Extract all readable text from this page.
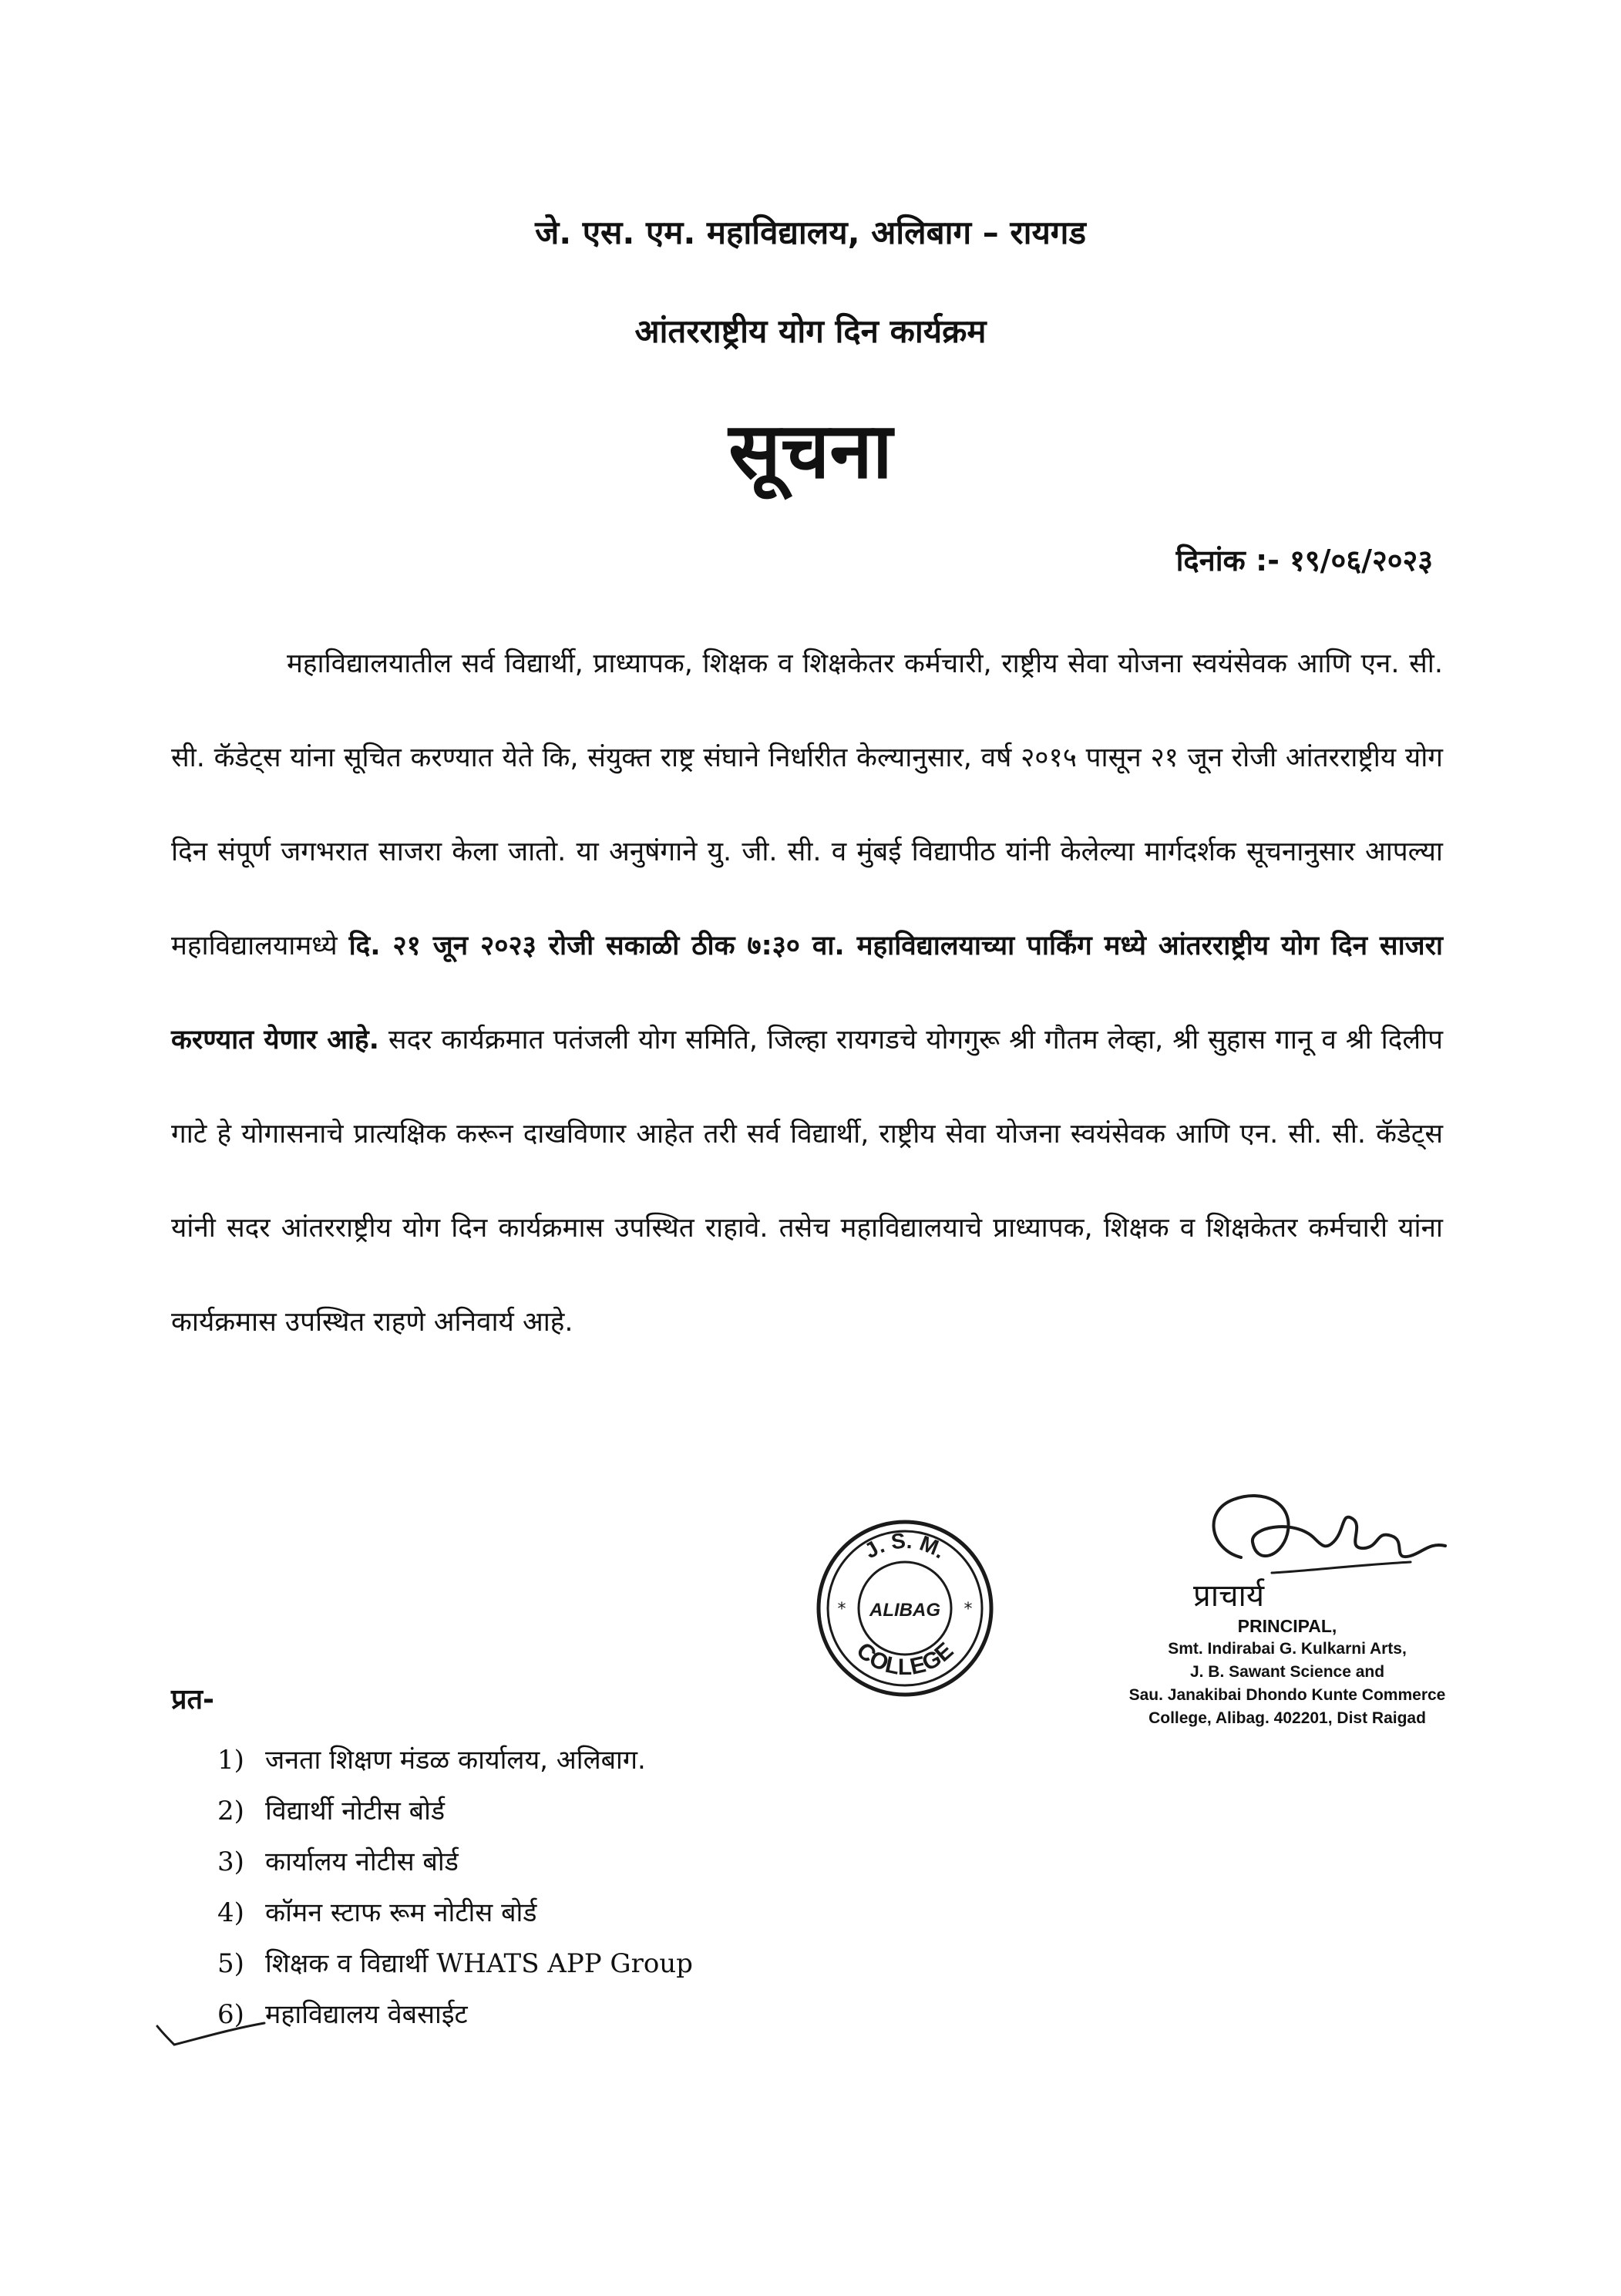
जे. एस. एम. महाविद्यालय, अलिबाग – रायगड
आंतरराष्ट्रीय योग दिन कार्यक्रम
सूचना
दिनांक :- १९/०६/२०२३

महाविद्यालयातील सर्व विद्यार्थी, प्राध्यापक, शिक्षक व शिक्षकेतर कर्मचारी, राष्ट्रीय सेवा योजना स्वयंसेवक आणि एन. सी. सी. कॅडेट्स यांना सूचित करण्यात येते कि, संयुक्त राष्ट्र संघाने निर्धारीत केल्यानुसार, वर्ष २०१५ पासून २१ जून रोजी आंतरराष्ट्रीय योग दिन संपूर्ण जगभरात साजरा केला जातो. या अनुषंगाने यु. जी. सी. व मुंबई विद्यापीठ यांनी केलेल्या मार्गदर्शक सूचनानुसार आपल्या महाविद्यालयामध्ये दि. २१ जून २०२३ रोजी सकाळी ठीक ७:३० वा. महाविद्यालयाच्या पार्किंग मध्ये आंतरराष्ट्रीय योग दिन साजरा करण्यात येणार आहे. सदर कार्यक्रमात पतंजली योग समिति, जिल्हा रायगडचे योगगुरू श्री गौतम लेव्हा, श्री सुहास गानू व श्री दिलीप गाटे हे योगासनाचे प्रात्यक्षिक करून दाखविणार आहेत तरी सर्व विद्यार्थी, राष्ट्रीय सेवा योजना स्वयंसेवक आणि एन. सी. सी. कॅडेट्स यांनी सदर आंतरराष्ट्रीय योग दिन कार्यक्रमास उपस्थित राहावे. तसेच महाविद्यालयाचे प्राध्यापक, शिक्षक व शिक्षकेतर कर्मचारी यांना कार्यक्रमास उपस्थित राहणे अनिवार्य आहे.

J. S. M.
COLLEGE
ALIBAG
*	*	प्राचार्य
PRINCIPAL,
Smt. Indirabai G. Kulkarni Arts,
J. B. Sawant Science and
Sau. Janakibai Dhondo Kunte Commerce
College, Alibag. 402201, Dist Raigad
प्रत-
1) जनता शिक्षण मंडळ कार्यालय, अलिबाग.
2) विद्यार्थी नोटीस बोर्ड
3) कार्यालय नोटीस बोर्ड
4) कॉमन स्टाफ रूम नोटीस बोर्ड
5) शिक्षक व विद्यार्थी WHATS APP Group
6) महाविद्यालय वेबसाईट
